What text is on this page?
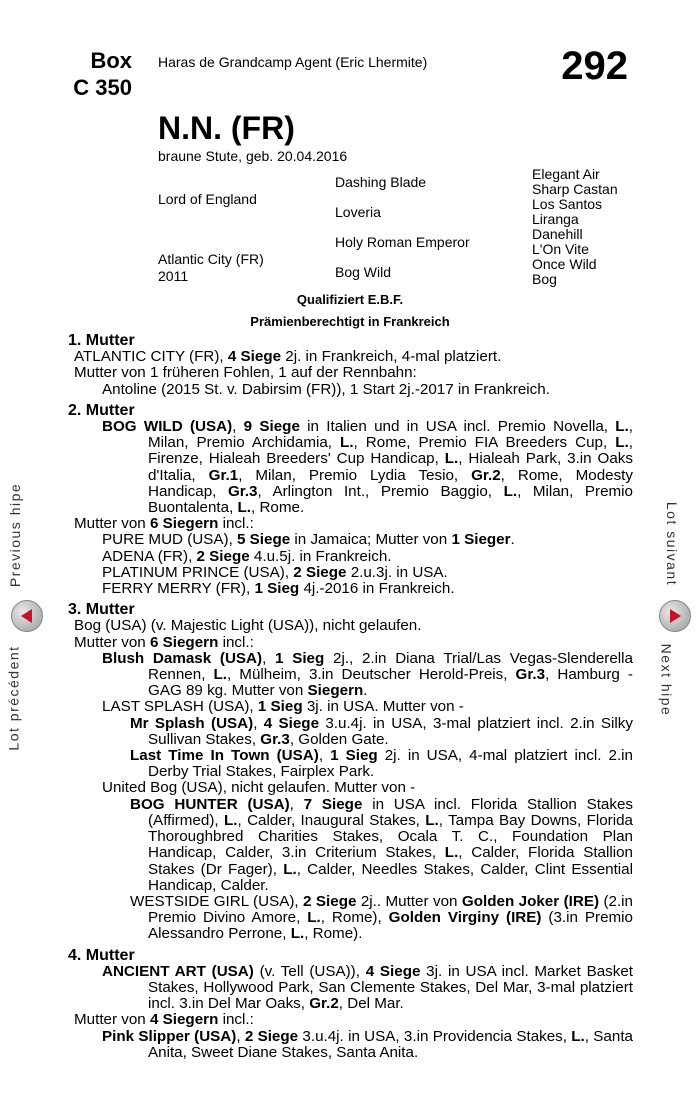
Box
C 350
Haras de Grandcamp Agent (Eric Lhermite)	292
N.N. (FR)
braune Stute, geb. 20.04.2016
Lord of England
Atlantic City (FR)
2011
Dashing Blade
Loveria
Holy Roman Emperor
Bog Wild
Elegant Air
Sharp Castan
Los Santos
Liranga
Danehill
L'On Vite
Once Wild
Bog
Qualifiziert E.B.F.
Prämienberechtigt in Frankreich
1. Mutter
ATLANTIC CITY (FR), 4 Siege 2j. in Frankreich, 4-mal platziert.
Mutter von 1 früheren Fohlen, 1 auf der Rennbahn:
Antoline (2015 St. v. Dabirsim (FR)), 1 Start 2j.-2017 in Frankreich.
2. Mutter
BOG WILD (USA), 9 Siege in Italien und in USA incl. Premio Novella, L., Milan, Premio Archidamia, L., Rome, Premio FIA Breeders Cup, L., Firenze, Hialeah Breeders' Cup Handicap, L., Hialeah Park, 3.in Oaks d'Italia, Gr.1, Milan, Premio Lydia Tesio, Gr.2, Rome, Modesty Handicap, Gr.3, Arlington Int., Premio Baggio, L., Milan, Premio Buontalenta, L., Rome.
Mutter von 6 Siegern incl.:
PURE MUD (USA), 5 Siege in Jamaica; Mutter von 1 Sieger.
ADENA (FR), 2 Siege 4.u.5j. in Frankreich.
PLATINUM PRINCE (USA), 2 Siege 2.u.3j. in USA.
FERRY MERRY (FR), 1 Sieg 4j.-2016 in Frankreich.
3. Mutter
Bog (USA) (v. Majestic Light (USA)), nicht gelaufen.
Mutter von 6 Siegern incl.:
Blush Damask (USA), 1 Sieg 2j., 2.in Diana Trial/Las Vegas-Slenderella Rennen, L., Mülheim, 3.in Deutscher Herold-Preis, Gr.3, Hamburg - GAG 89 kg. Mutter von Siegern.
LAST SPLASH (USA), 1 Sieg 3j. in USA. Mutter von -
Mr Splash (USA), 4 Siege 3.u.4j. in USA, 3-mal platziert incl. 2.in Silky Sullivan Stakes, Gr.3, Golden Gate.
Last Time In Town (USA), 1 Sieg 2j. in USA, 4-mal platziert incl. 2.in Derby Trial Stakes, Fairplex Park.
United Bog (USA), nicht gelaufen. Mutter von -
BOG HUNTER (USA), 7 Siege in USA incl. Florida Stallion Stakes (Affirmed), L., Calder, Inaugural Stakes, L., Tampa Bay Downs, Florida Thoroughbred Charities Stakes, Ocala T. C., Foundation Plan Handicap, Calder, 3.in Criterium Stakes, L., Calder, Florida Stallion Stakes (Dr Fager), L., Calder, Needles Stakes, Calder, Clint Essential Handicap, Calder.
WESTSIDE GIRL (USA), 2 Siege 2j.. Mutter von Golden Joker (IRE) (2.in Premio Divino Amore, L., Rome), Golden Virginy (IRE) (3.in Premio Alessandro Perrone, L., Rome).
4. Mutter
ANCIENT ART (USA) (v. Tell (USA)), 4 Siege 3j. in USA incl. Market Basket Stakes, Hollywood Park, San Clemente Stakes, Del Mar, 3-mal platziert incl. 3.in Del Mar Oaks, Gr.2, Del Mar.
Mutter von 4 Siegern incl.:
Pink Slipper (USA), 2 Siege 3.u.4j. in USA, 3.in Providencia Stakes, L., Santa Anita, Sweet Diane Stakes, Santa Anita.
Previous hipe
Lot précédent
Lot suivant
Next hipe
